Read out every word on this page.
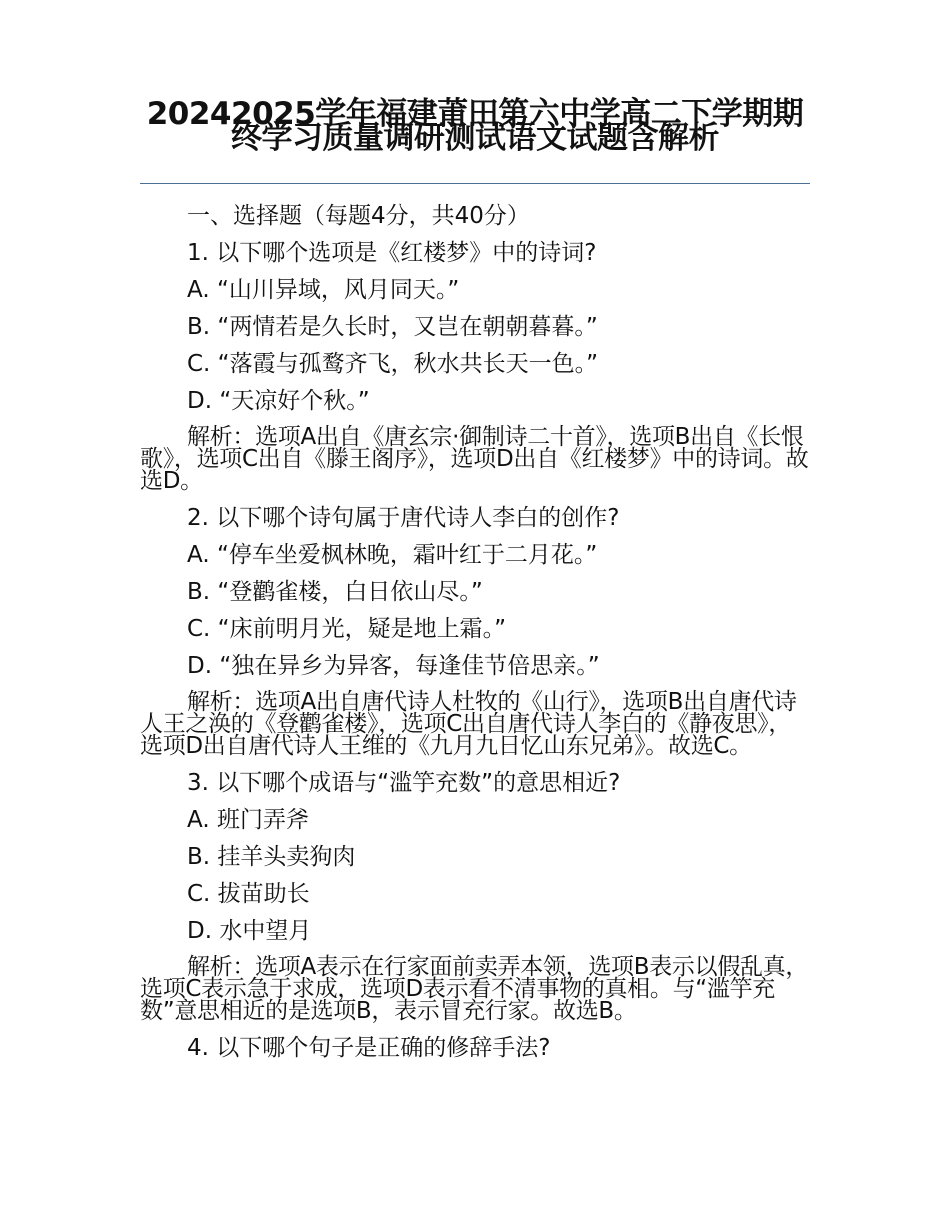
20242025学年福建莆田第六中学高二下学期期终学习质量调研测试语文试题含解析
一、选择题（每题4分，共40分）
1. 以下哪个选项是《红楼梦》中的诗词?
A. “山川异域，风月同天。”
B. “两情若是久长时，又岂在朝朝暮暮。”
C. “落霞与孤鹜齐飞，秋水共长天一色。”
D. “天凉好个秋。”
解析：选项A出自《唐玄宗·御制诗二十首》，选项B出自《长恨歌》，选项C出自《滕王阁序》，选项D出自《红楼梦》中的诗词。故选D。
2. 以下哪个诗句属于唐代诗人李白的创作?
A. “停车坐爱枫林晚，霜叶红于二月花。”
B. “登鹳雀楼，白日依山尽。”
C. “床前明月光，疑是地上霜。”
D. “独在异乡为异客，每逢佳节倍思亲。”
解析：选项A出自唐代诗人杜牧的《山行》，选项B出自唐代诗人王之涣的《登鹳雀楼》，选项C出自唐代诗人李白的《静夜思》，选项D出自唐代诗人王维的《九月九日忆山东兄弟》。故选C。
3. 以下哪个成语与“滥竽充数”的意思相近?
A. 班门弄斧
B. 挂羊头卖狗肉
C. 拔苗助长
D. 水中望月
解析：选项A表示在行家面前卖弄本领，选项B表示以假乱真，选项C表示急于求成，选项D表示看不清事物的真相。与“滥竽充数”意思相近的是选项B，表示冒充行家。故选B。
4. 以下哪个句子是正确的修辞手法?
